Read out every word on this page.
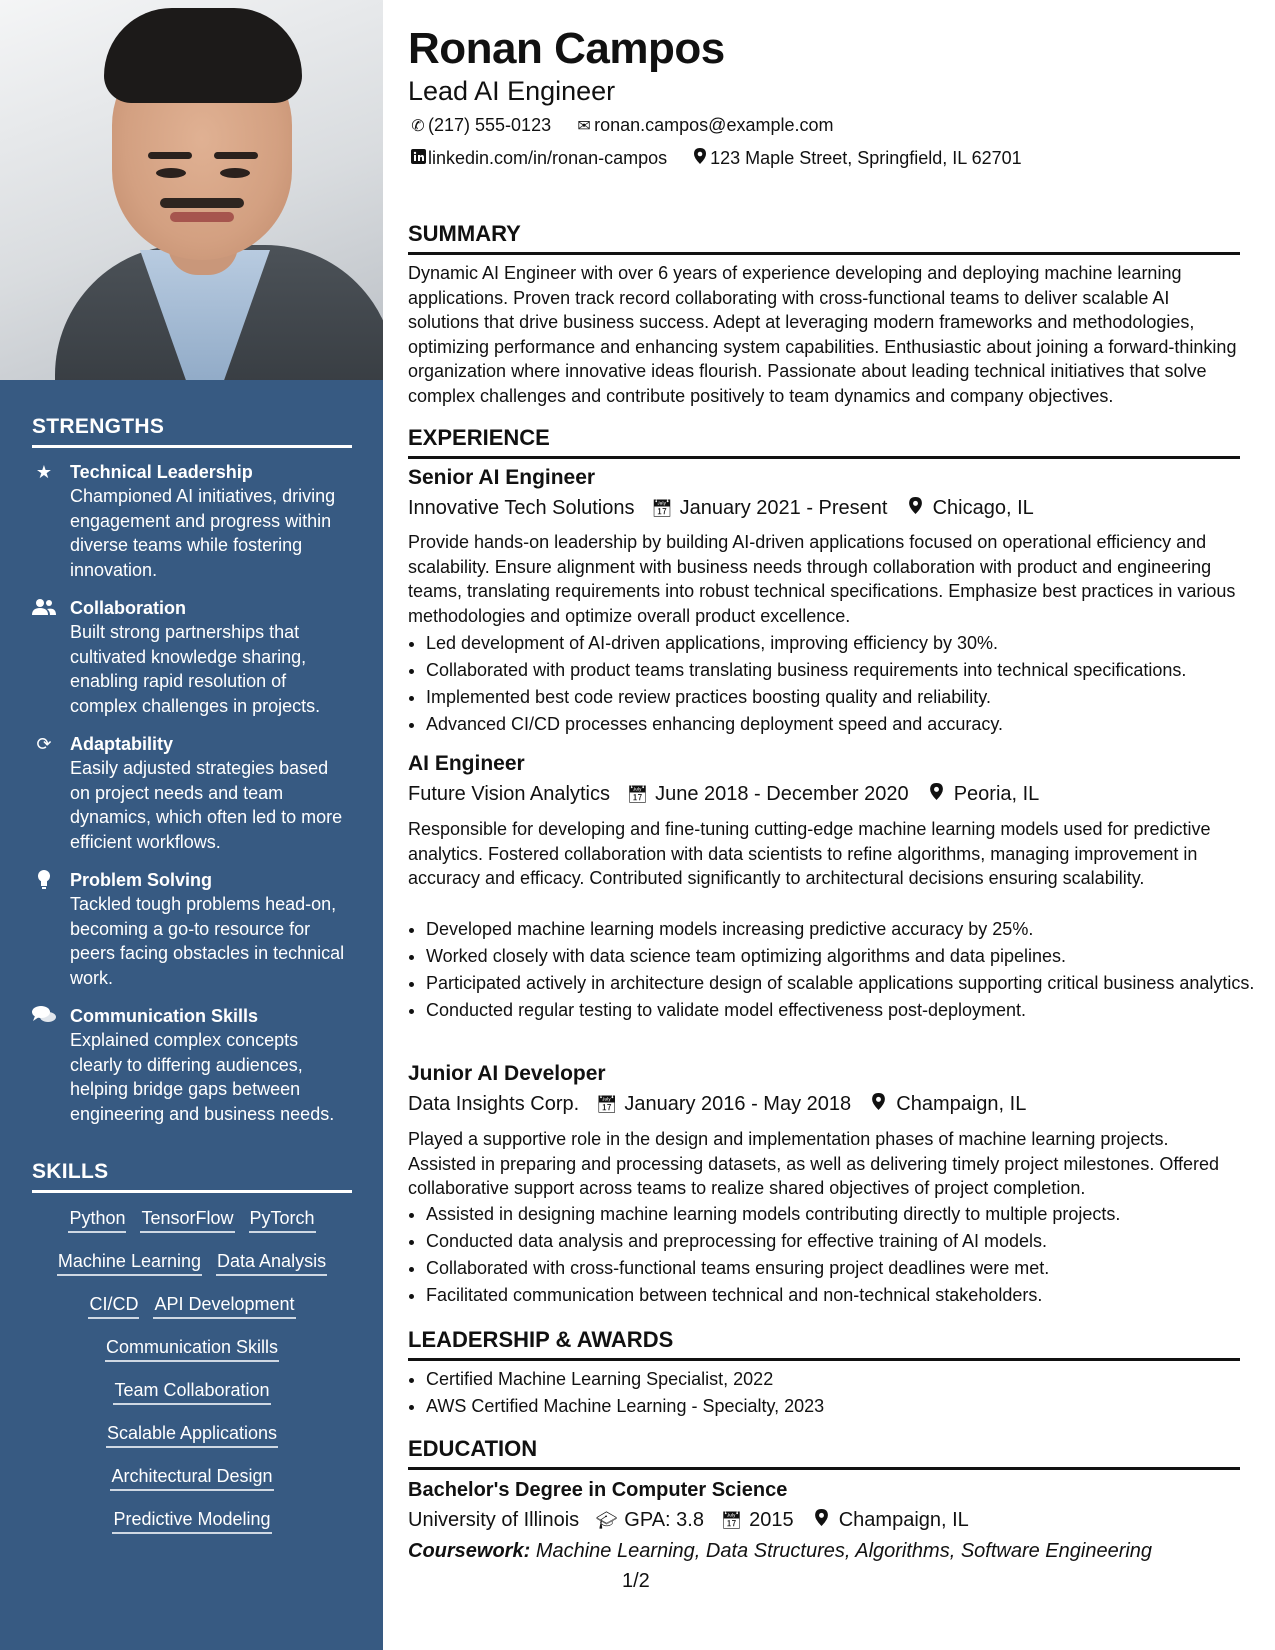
STRENGTHS
★ Technical Leadership
Championed AI initiatives, driving engagement and progress within diverse teams while fostering innovation.
Collaboration
Built strong partnerships that cultivated knowledge sharing, enabling rapid resolution of complex challenges in projects.
⟳ Adaptability
Easily adjusted strategies based on project needs and team dynamics, which often led to more efficient workflows.
Problem Solving
Tackled tough problems head-on, becoming a go-to resource for peers facing obstacles in technical work.
Communication Skills
Explained complex concepts clearly to differing audiences, helping bridge gaps between engineering and business needs.
SKILLS
Python TensorFlow PyTorch
Machine Learning Data Analysis
CI/CD API Development
Communication Skills
Team Collaboration
Scalable Applications
Architectural Design
Predictive Modeling
Ronan Campos
Lead AI Engineer
✆ (217) 555-0123 ✉ ronan.campos@example.com
linkedin.com/in/ronan-campos 123 Maple Street, Springfield, IL 62701
SUMMARY
Dynamic AI Engineer with over 6 years of experience developing and deploying machine learning applications. Proven track record collaborating with cross-functional teams to deliver scalable AI solutions that drive business success. Adept at leveraging modern frameworks and methodologies, optimizing performance and enhancing system capabilities. Enthusiastic about joining a forward-thinking organization where innovative ideas flourish. Passionate about leading technical initiatives that solve complex challenges and contribute positively to team dynamics and company objectives.
EXPERIENCE
Senior AI Engineer
Innovative Tech Solutions 📅︎ January 2021 - Present Chicago, IL
Provide hands-on leadership by building AI-driven applications focused on operational efficiency and scalability. Ensure alignment with business needs through collaboration with product and engineering teams, translating requirements into robust technical specifications. Emphasize best practices in various methodologies and optimize overall product excellence.
• Led development of AI-driven applications, improving efficiency by 30%.
• Collaborated with product teams translating business requirements into technical specifications.
• Implemented best code review practices boosting quality and reliability.
• Advanced CI/CD processes enhancing deployment speed and accuracy.
AI Engineer
Future Vision Analytics 📅︎ June 2018 - December 2020 Peoria, IL
Responsible for developing and fine-tuning cutting-edge machine learning models used for predictive analytics. Fostered collaboration with data scientists to refine algorithms, managing improvement in accuracy and efficacy. Contributed significantly to architectural decisions ensuring scalability.
• Developed machine learning models increasing predictive accuracy by 25%.
• Worked closely with data science team optimizing algorithms and data pipelines.
• Participated actively in architecture design of scalable applications supporting critical business analytics.
• Conducted regular testing to validate model effectiveness post-deployment.
Junior AI Developer
Data Insights Corp. 📅︎ January 2016 - May 2018 Champaign, IL
Played a supportive role in the design and implementation phases of machine learning projects. Assisted in preparing and processing datasets, as well as delivering timely project milestones. Offered collaborative support across teams to realize shared objectives of project completion.
• Assisted in designing machine learning models contributing directly to multiple projects.
• Conducted data analysis and preprocessing for effective training of AI models.
• Collaborated with cross-functional teams ensuring project deadlines were met.
• Facilitated communication between technical and non-technical stakeholders.
LEADERSHIP & AWARDS
• Certified Machine Learning Specialist, 2022
• AWS Certified Machine Learning - Specialty, 2023
EDUCATION
Bachelor's Degree in Computer Science
University of Illinois 🎓︎ GPA: 3.8 📅︎ 2015 Champaign, IL
Coursework: Machine Learning, Data Structures, Algorithms, Software Engineering
1/2
